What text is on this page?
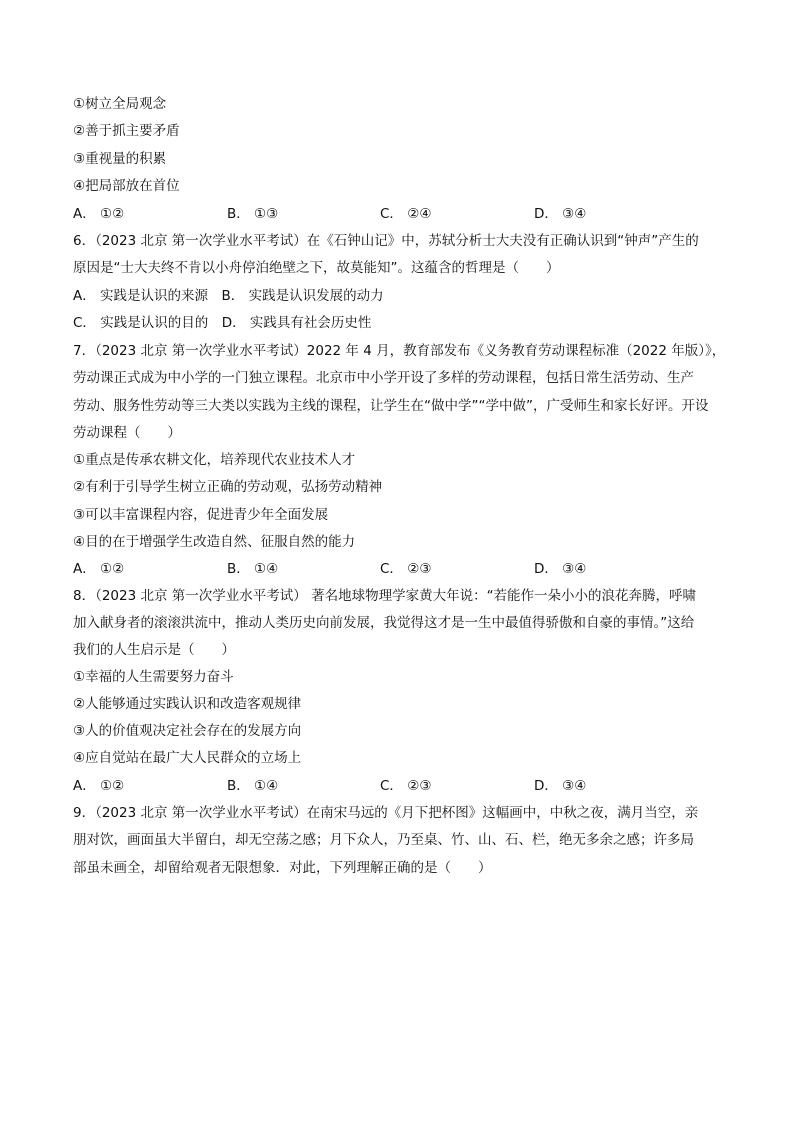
①树立全局观念
②善于抓主要矛盾
③重视量的积累
④把局部放在首位
A． ①②	B． ①③	C． ②④	D． ③④
6．（2023 北京 第一次学业水平考试）在《石钟山记》中，苏轼分析士大夫没有正确认识到“钟声”产生的
原因是“士大夫终不肯以小舟停泊绝壁之下，故莫能知”。这蕴含的哲理是（　　）
A． 实践是认识的来源　B． 实践是认识发展的动力
C． 实践是认识的目的　D． 实践具有社会历史性
7．（2023 北京 第一次学业水平考试）2022 年 4 月，教育部发布《义务教育劳动课程标准（2022 年版）》，
劳动课正式成为中小学的一门独立课程。北京市中小学开设了多样的劳动课程，包括日常生活劳动、生产
劳动、服务性劳动等三大类以实践为主线的课程，让学生在“做中学”“学中做”，广受师生和家长好评。开设
劳动课程（　　）
①重点是传承农耕文化，培养现代农业技术人才
②有利于引导学生树立正确的劳动观，弘扬劳动精神
③可以丰富课程内容，促进青少年全面发展
④目的在于增强学生改造自然、征服自然的能力
A． ①②	B． ①④	C． ②③	D． ③④
8．（2023 北京 第一次学业水平考试） 著名地球物理学家黄大年说：“若能作一朵小小的浪花奔腾，呼啸
加入献身者的滚滚洪流中，推动人类历史向前发展，我觉得这才是一生中最值得骄傲和自豪的事情。”这给
我们的人生启示是（　　）
①幸福的人生需要努力奋斗
②人能够通过实践认识和改造客观规律
③人的价值观决定社会存在的发展方向
④应自觉站在最广大人民群众的立场上
A． ①②	B． ①④	C． ②③	D． ③④
9．（2023 北京 第一次学业水平考试）在南宋马远的《月下把杯图》这幅画中，中秋之夜，满月当空，亲
朋对饮，画面虽大半留白，却无空荡之感；月下众人，乃至桌、竹、山、石、栏，绝无多余之感；许多局
部虽未画全，却留给观者无限想象．对此，下列理解正确的是（　　）
